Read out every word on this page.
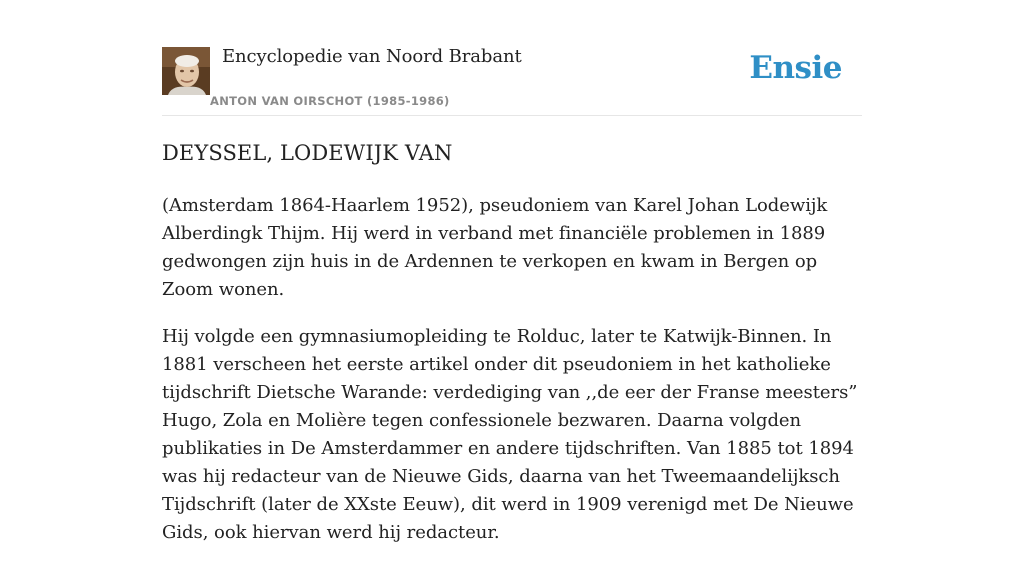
Encyclopedie van Noord Brabant
ANTON VAN OIRSCHOT (1985-1986)
Ensie
DEYSSEL, LODEWIJK VAN

(Amsterdam 1864-Haarlem 1952), pseudoniem van Karel Johan Lodewijk Alberdingk Thijm. Hij werd in verband met financiële problemen in 1889 gedwongen zijn huis in de Ardennen te verkopen en kwam in Bergen op Zoom wonen.

Hij volgde een gymnasiumopleiding te Rolduc, later te Katwijk-Binnen. In 1881 verscheen het eerste artikel onder dit pseudoniem in het katholieke tijdschrift Dietsche Warande: verdediging van ,,de eer der Franse meesters” Hugo, Zola en Molière tegen confessionele bezwaren. Daarna volgden publikaties in De Amsterdammer en andere tijdschriften. Van 1885 tot 1894 was hij redacteur van de Nieuwe Gids, daarna van het Tweemaandelijksch Tijdschrift (later de XXste Eeuw), dit werd in 1909 verenigd met De Nieuwe Gids, ook hiervan werd hij redacteur.
